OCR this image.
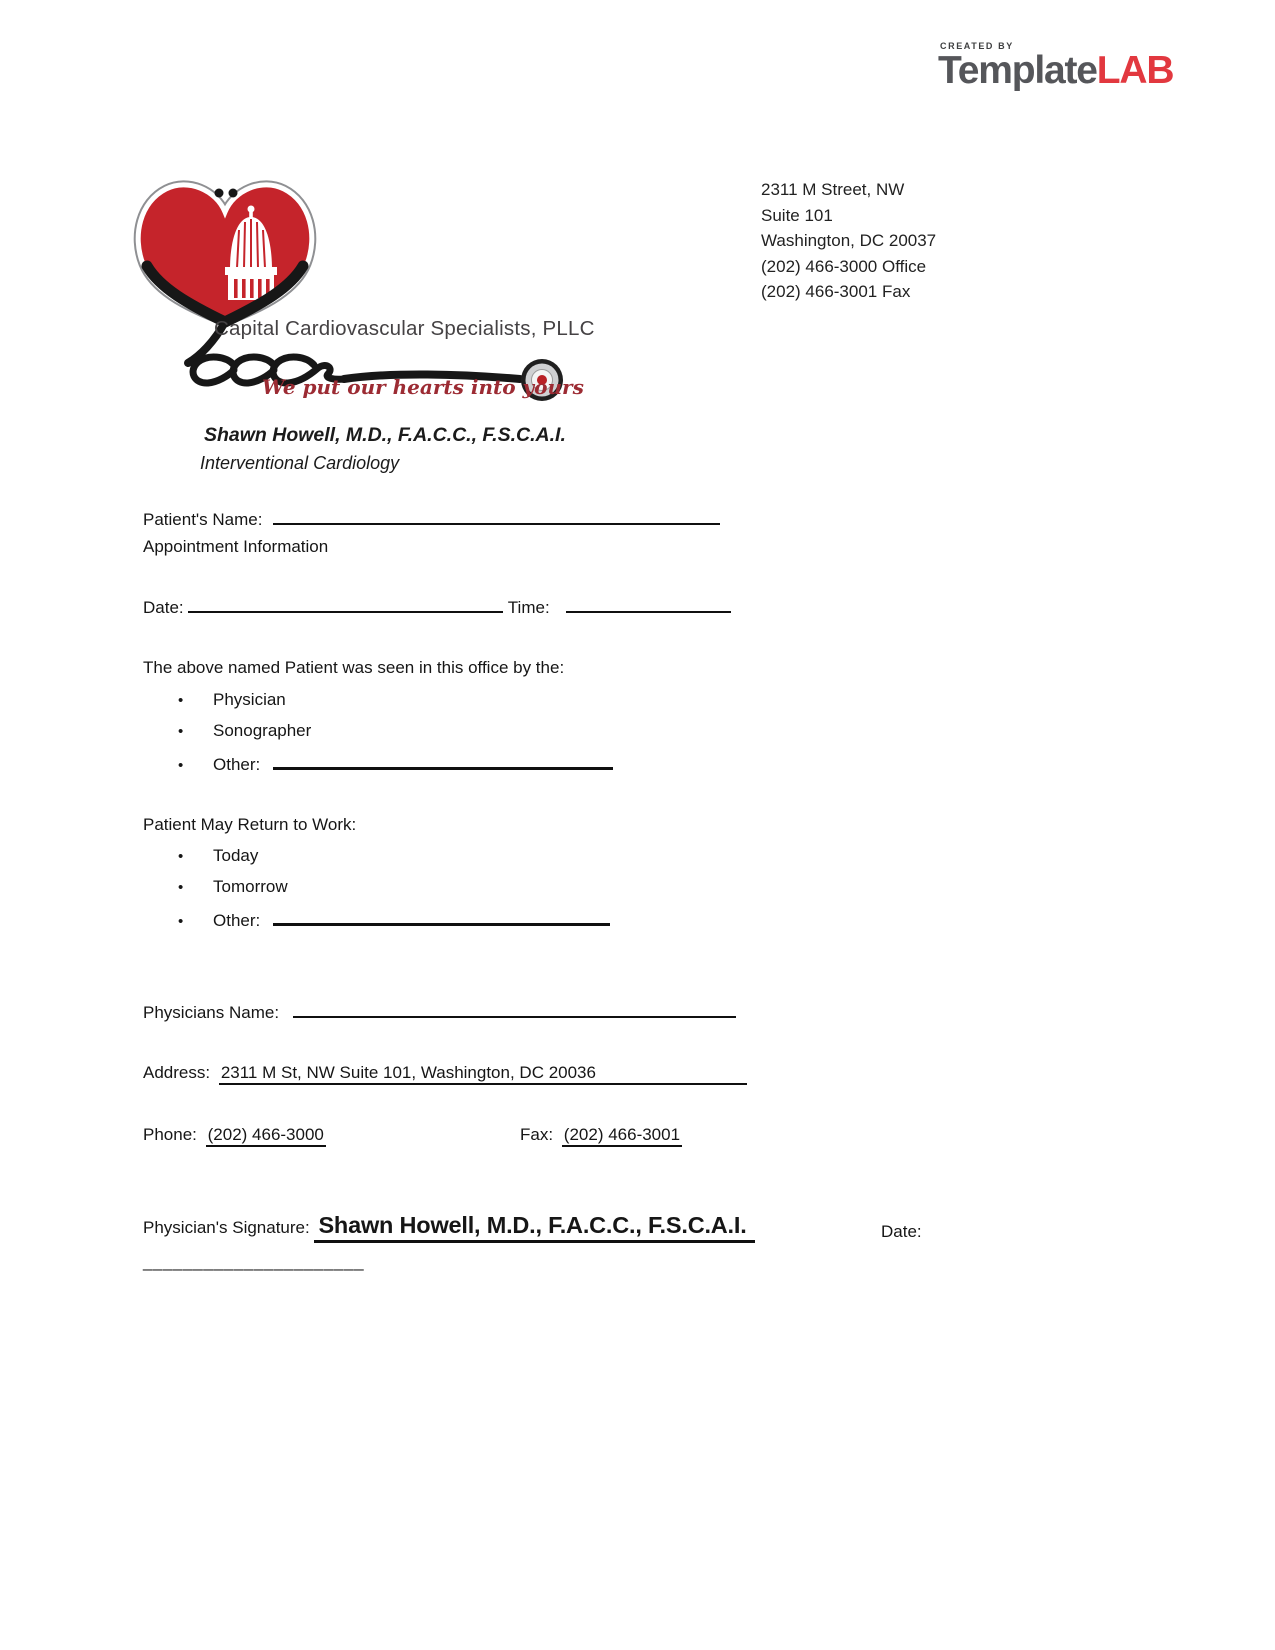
CREATED BY
TemplateLAB
Capital Cardiovascular Specialists, PLLC
We put our hearts into yours
2311 M Street, NW
Suite 101
Washington, DC 20037
(202) 466-3000 Office
(202) 466-3001 Fax
Shawn Howell, M.D., F.A.C.C., F.S.C.A.I.
Interventional Cardiology
Patient's Name:
Appointment Information
Date:	Time:
The above named Patient was seen in this office by the:
• Physician
• Sonographer
• Other:
Patient May Return to Work:
• Today
• Tomorrow
• Other:
Physicians Name:
Address: 2311 M St, NW Suite 101, Washington, DC 20036
Phone: (202) 466-3000	Fax: (202) 466-3001
Physician's Signature: Shawn Howell, M.D., F.A.C.C., F.S.C.A.I.	Date:
______________________
